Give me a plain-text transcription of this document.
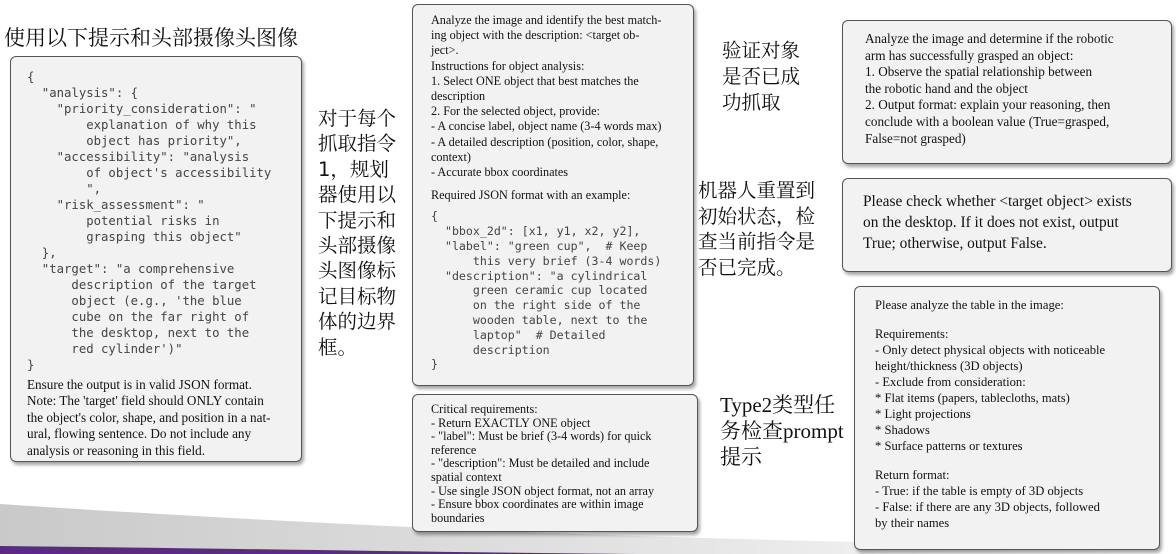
使用以下提示和头部摄像头图像
{
"analysis": {
"priority_consideration": "
explanation of why this
object has priority",
"accessibility": "analysis
of object's accessibility
",
"risk_assessment": "
potential risks in
grasping this object"
},
"target": "a comprehensive
description of the target
object (e.g., 'the blue
cube on the far right of
the desktop, next to the
red cylinder')"
}
Ensure the output is in valid JSON format.
Note: The 'target' field should ONLY contain
the object's color, shape, and position in a nat-
ural, flowing sentence. Do not include any
analysis or reasoning in this field.
对于每个
抓取指令
1，规划
器使用以
下提示和
头部摄像
头图像标
记目标物
体的边界
框。
Analyze the image and identify the best match-
ing object with the description: <target ob-
ject>.
Instructions for object analysis:
1. Select ONE object that best matches the
description
2. For the selected object, provide:
- A concise label, object name (3-4 words max)
- A detailed description (position, color, shape,
context)
- Accurate bbox coordinates
Required JSON format with an example:
{
"bbox_2d": [x1, y1, x2, y2],
"label": "green cup",  # Keep
this very brief (3-4 words)
"description": "a cylindrical
green ceramic cup located
on the right side of the
wooden table, next to the
laptop"  # Detailed
description
}
Critical requirements:
- Return EXACTLY ONE object
- "label": Must be brief (3-4 words) for quick
reference
- "description": Must be detailed and include
spatial context
- Use single JSON object format, not an array
- Ensure bbox coordinates are within image
boundaries
验证对象
是否已成
功抓取
机器人重置到
初始状态，检
查当前指令是
否已完成。
Type2类型任
务检查prompt
提示
Analyze the image and determine if the robotic
arm has successfully grasped an object:
1. Observe the spatial relationship between
the robotic hand and the object
2. Output format: explain your reasoning, then
conclude with a boolean value (True=grasped,
False=not grasped)
Please check whether <target object> exists
on the desktop. If it does not exist, output
True; otherwise, output False.
Please analyze the table in the image:
Requirements:
- Only detect physical objects with noticeable
height/thickness (3D objects)
- Exclude from consideration:
* Flat items (papers, tablecloths, mats)
* Light projections
* Shadows
* Surface patterns or textures
Return format:
- True: if the table is empty of 3D objects
- False: if there are any 3D objects, followed
by their names
